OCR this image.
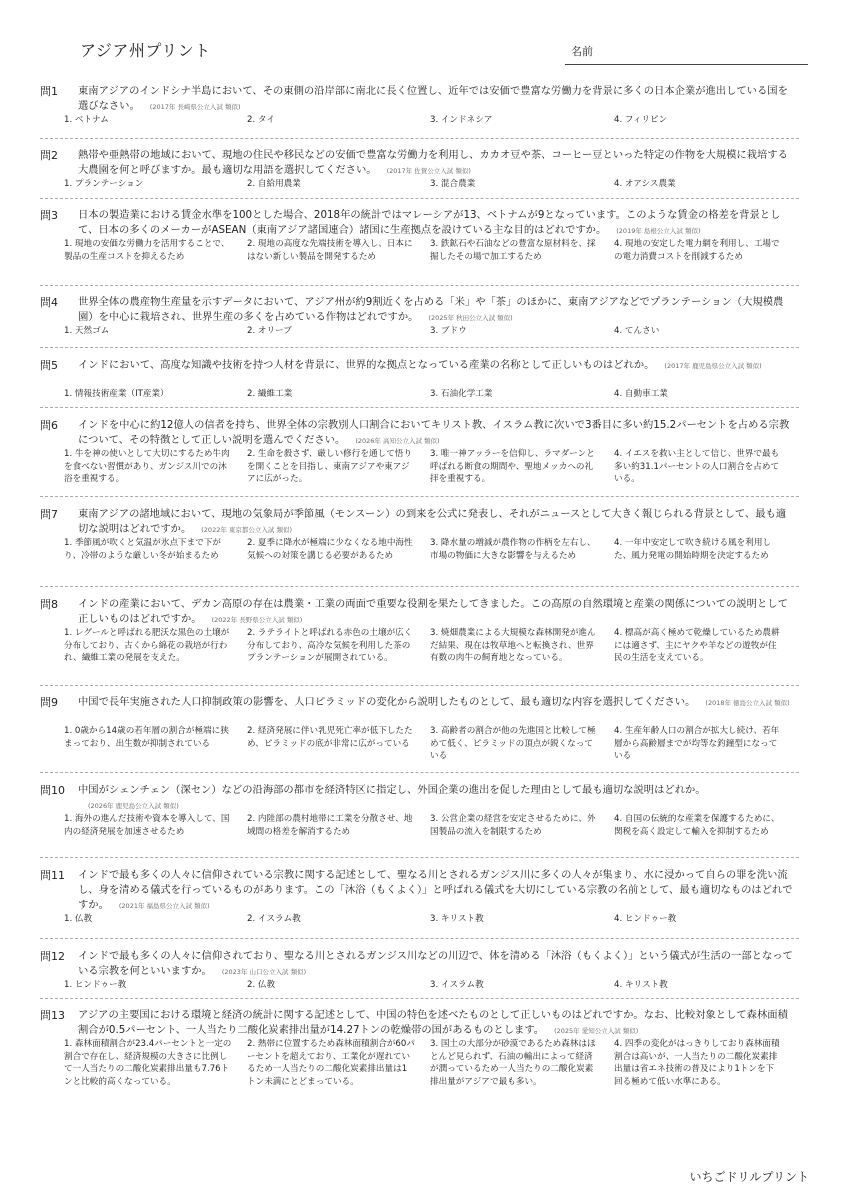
アジア州プリント	名前
問1 東南アジアのインドシナ半島において、その東側の沿岸部に南北に長く位置し、近年では安価で豊富な労働力を背景に多くの日本企業が進出している国を選びなさい。 (2017年 長崎県公立入試 類似)
1. ベトナム	2. タイ	3. インドネシア	4. フィリピン
問2 熱帯や亜熱帯の地域において、現地の住民や移民などの安価で豊富な労働力を利用し、カカオ豆や茶、コーヒー豆といった特定の作物を大規模に栽培する大農園を何と呼びますか。最も適切な用語を選択してください。 (2017年 佐賀公立入試 類似)
1. プランテーション	2. 自給用農業	3. 混合農業	4. オアシス農業
問3 日本の製造業における賃金水準を100とした場合、2018年の統計ではマレーシアが13、ベトナムが9となっています。このような賃金の格差を背景として、日本の多くのメーカーがASEAN（東南アジア諸国連合）諸国に生産拠点を設けている主な目的はどれですか。 (2019年 島根公立入試 類似)
1. 現地の安価な労働力を活用することで、製品の生産コストを抑えるため
2. 現地の高度な先端技術を導入し、日本にはない新しい製品を開発するため
3. 鉄鉱石や石油などの豊富な原材料を、採掘したその場で加工するため
4. 現地の安定した電力網を利用し、工場での電力消費コストを削減するため
問4 世界全体の農産物生産量を示すデータにおいて、アジア州が約9割近くを占める「米」や「茶」のほかに、東南アジアなどでプランテーション（大規模農園）を中心に栽培され、世界生産の多くを占めている作物はどれですか。 (2025年 秋田公立入試 類似)
1. 天然ゴム	2. オリーブ	3. ブドウ	4. てんさい
問5 インドにおいて、高度な知識や技術を持つ人材を背景に、世界的な拠点となっている産業の名称として正しいものはどれか。 (2017年 鹿児島県公立入試 類似)
1. 情報技術産業（IT産業）	2. 繊維工業	3. 石油化学工業	4. 自動車工業
問6 インドを中心に約12億人の信者を持ち、世界全体の宗教別人口割合においてキリスト教、イスラム教に次いで3番目に多い約15.2パーセントを占める宗教について、その特徴として正しい説明を選んでください。 (2026年 高知公立入試 類似)
1. 牛を神の使いとして大切にするため牛肉を食べない習慣があり、ガンジス川での沐浴を重視する。
2. 生命を殺さず、厳しい修行を通して悟りを開くことを目指し、東南アジアや東アジアに広がった。
3. 唯一神アッラーを信仰し、ラマダーンと呼ばれる断食の期間や、聖地メッカへの礼拝を重視する。
4. イエスを救い主として信じ、世界で最も多い約31.1パーセントの人口割合を占めている。
問7 東南アジアの諸地域において、現地の気象局が季節風（モンスーン）の到来を公式に発表し、それがニュースとして大きく報じられる背景として、最も適切な説明はどれですか。 (2022年 東京都公立入試 類似)
1. 季節風が吹くと気温が氷点下まで下がり、冷帯のような厳しい冬が始まるため
2. 夏季に降水が極端に少なくなる地中海性気候への対策を講じる必要があるため
3. 降水量の増減が農作物の作柄を左右し、市場の物価に大きな影響を与えるため
4. 一年中安定して吹き続ける風を利用した、風力発電の開始時期を決定するため
問8 インドの産業において、デカン高原の存在は農業・工業の両面で重要な役割を果たしてきました。この高原の自然環境と産業の関係についての説明として正しいものはどれですか。 (2022年 長野県公立入試 類似)
1. レグールと呼ばれる肥沃な黒色の土壌が分布しており、古くから綿花の栽培が行われ、繊維工業の発展を支えた。
2. ラテライトと呼ばれる赤色の土壌が広く分布しており、高冷な気候を利用した茶のプランテーションが展開されている。
3. 焼畑農業による大規模な森林開発が進んだ結果、現在は牧草地へと転換され、世界有数の肉牛の飼育地となっている。
4. 標高が高く極めて乾燥しているため農耕には適さず、主にヤクや羊などの遊牧が住民の生活を支えている。
問9 中国で長年実施された人口抑制政策の影響を、人口ピラミッドの変化から説明したものとして、最も適切な内容を選択してください。 (2018年 徳島公立入試 類似)
1. 0歳から14歳の若年層の割合が極端に狭まっており、出生数が抑制されている
2. 経済発展に伴い乳児死亡率が低下したため、ピラミッドの底が非常に広がっている
3. 高齢者の割合が他の先進国と比較して極めて低く、ピラミッドの頂点が鋭くなっている
4. 生産年齢人口の割合が拡大し続け、若年層から高齢層までが均等な釣鐘型になっている
問10 中国がシェンチェン（深セン）などの沿海部の都市を経済特区に指定し、外国企業の進出を促した理由として最も適切な説明はどれか。(2026年 鹿児島公立入試 類似)
1. 海外の進んだ技術や資本を導入して、国内の経済発展を加速させるため
2. 内陸部の農村地帯に工業を分散させ、地域間の格差を解消するため
3. 公営企業の経営を安定させるために、外国製品の流入を制限するため
4. 自国の伝統的な産業を保護するために、関税を高く設定して輸入を抑制するため
問11 インドで最も多くの人々に信仰されている宗教に関する記述として、聖なる川とされるガンジス川に多くの人々が集まり、水に浸かって自らの罪を洗い流し、身を清める儀式を行っているものがあります。この「沐浴（もくよく）」と呼ばれる儀式を大切にしている宗教の名前として、最も適切なものはどれですか。 (2021年 福島県公立入試 類似)
1. 仏教	2. イスラム教	3. キリスト教	4. ヒンドゥー教
問12 インドで最も多くの人々に信仰されており、聖なる川とされるガンジス川などの川辺で、体を清める「沐浴（もくよく）」という儀式が生活の一部となっている宗教を何といいますか。 (2023年 山口公立入試 類似)
1. ヒンドゥー教	2. 仏教	3. イスラム教	4. キリスト教
問13 アジアの主要国における環境と経済の統計に関する記述として、中国の特色を述べたものとして正しいものはどれですか。なお、比較対象として森林面積割合が0.5パーセント、一人当たり二酸化炭素排出量が14.27トンの乾燥帯の国があるものとします。 (2025年 愛知公立入試 類似)
1. 森林面積割合が23.4パーセントと一定の割合で存在し、経済規模の大きさに比例して一人当たりの二酸化炭素排出量も7.76トンと比較的高くなっている。
2. 熱帯に位置するため森林面積割合が60パーセントを超えており、工業化が遅れているため一人当たりの二酸化炭素排出量は1トン未満にとどまっている。
3. 国土の大部分が砂漠であるため森林はほとんど見られず、石油の輸出によって経済が潤っているため一人当たりの二酸化炭素排出量がアジアで最も多い。
4. 四季の変化がはっきりしており森林面積割合は高いが、一人当たりの二酸化炭素排出量は省エネ技術の普及により1トンを下回る極めて低い水準にある。
いちごドリルプリント
